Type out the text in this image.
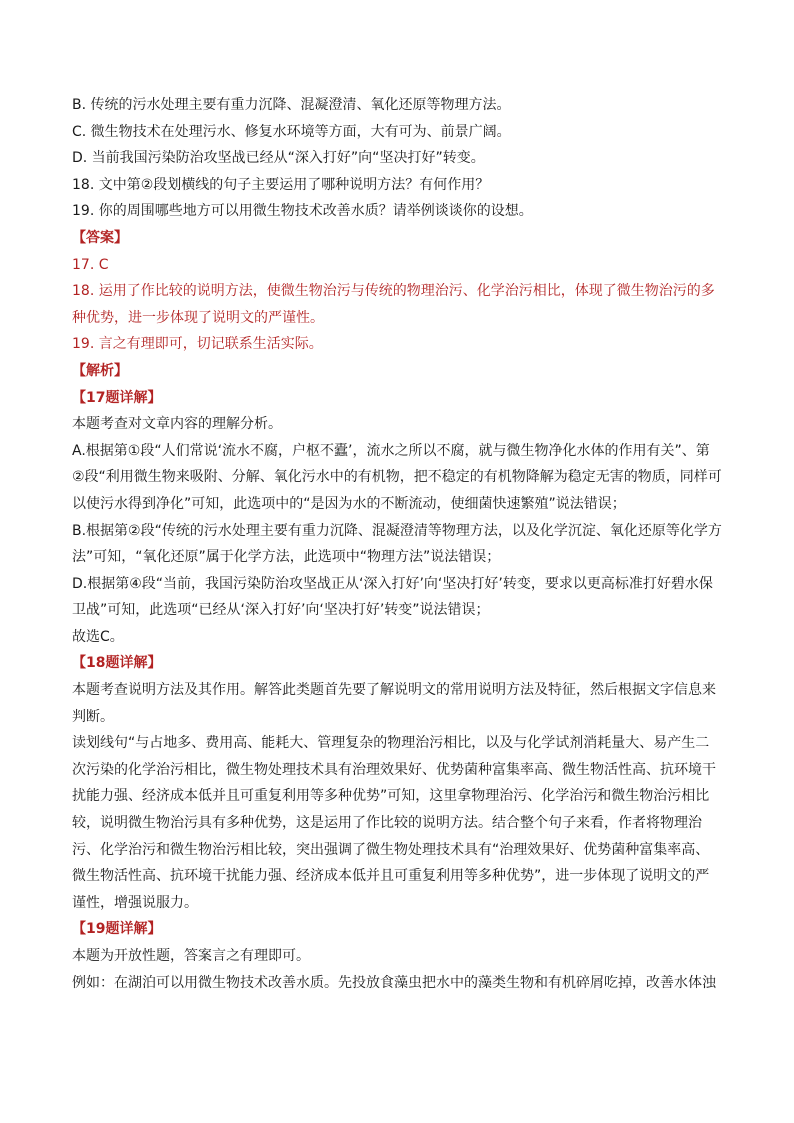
B. 传统的污水处理主要有重力沉降、混凝澄清、氧化还原等物理方法。
C. 微生物技术在处理污水、修复水环境等方面，大有可为、前景广阔。
D. 当前我国污染防治攻坚战已经从“深入打好”向“坚决打好”转变。
18. 文中第②段划横线的句子主要运用了哪种说明方法？有何作用？
19. 你的周围哪些地方可以用微生物技术改善水质？请举例谈谈你的设想。
【答案】
17. C
18. 运用了作比较的说明方法，使微生物治污与传统的物理治污、化学治污相比，体现了微生物治污的多种优势，进一步体现了说明文的严谨性。
19. 言之有理即可，切记联系生活实际。
【解析】
【17题详解】
本题考查对文章内容的理解分析。
A.根据第①段“人们常说‘流水不腐，户枢不蠹’，流水之所以不腐，就与微生物净化水体的作用有关”、第②段“利用微生物来吸附、分解、氧化污水中的有机物，把不稳定的有机物降解为稳定无害的物质，同样可以使污水得到净化”可知，此选项中的“是因为水的不断流动，使细菌快速繁殖”说法错误；
B.根据第②段“传统的污水处理主要有重力沉降、混凝澄清等物理方法，以及化学沉淀、氧化还原等化学方法”可知，“氧化还原”属于化学方法，此选项中“物理方法”说法错误；
D.根据第④段“当前，我国污染防治攻坚战正从‘深入打好’向‘坚决打好’转变，要求以更高标准打好碧水保卫战”可知，此选项“已经从‘深入打好’向‘坚决打好’转变”说法错误；
故选C。
【18题详解】
本题考查说明方法及其作用。解答此类题首先要了解说明文的常用说明方法及特征，然后根据文字信息来判断。
读划线句“与占地多、费用高、能耗大、管理复杂的物理治污相比，以及与化学试剂消耗量大、易产生二次污染的化学治污相比，微生物处理技术具有治理效果好、优势菌种富集率高、微生物活性高、抗环境干扰能力强、经济成本低并且可重复利用等多种优势”可知，这里拿物理治污、化学治污和微生物治污相比较，说明微生物治污具有多种优势，这是运用了作比较的说明方法。结合整个句子来看，作者将物理治污、化学治污和微生物治污相比较，突出强调了微生物处理技术具有“治理效果好、优势菌种富集率高、微生物活性高、抗环境干扰能力强、经济成本低并且可重复利用等多种优势”，进一步体现了说明文的严谨性，增强说服力。
【19题详解】
本题为开放性题，答案言之有理即可。
例如：在湖泊可以用微生物技术改善水质。先投放食藻虫把水中的藻类生物和有机碎屑吃掉，改善水体浊
